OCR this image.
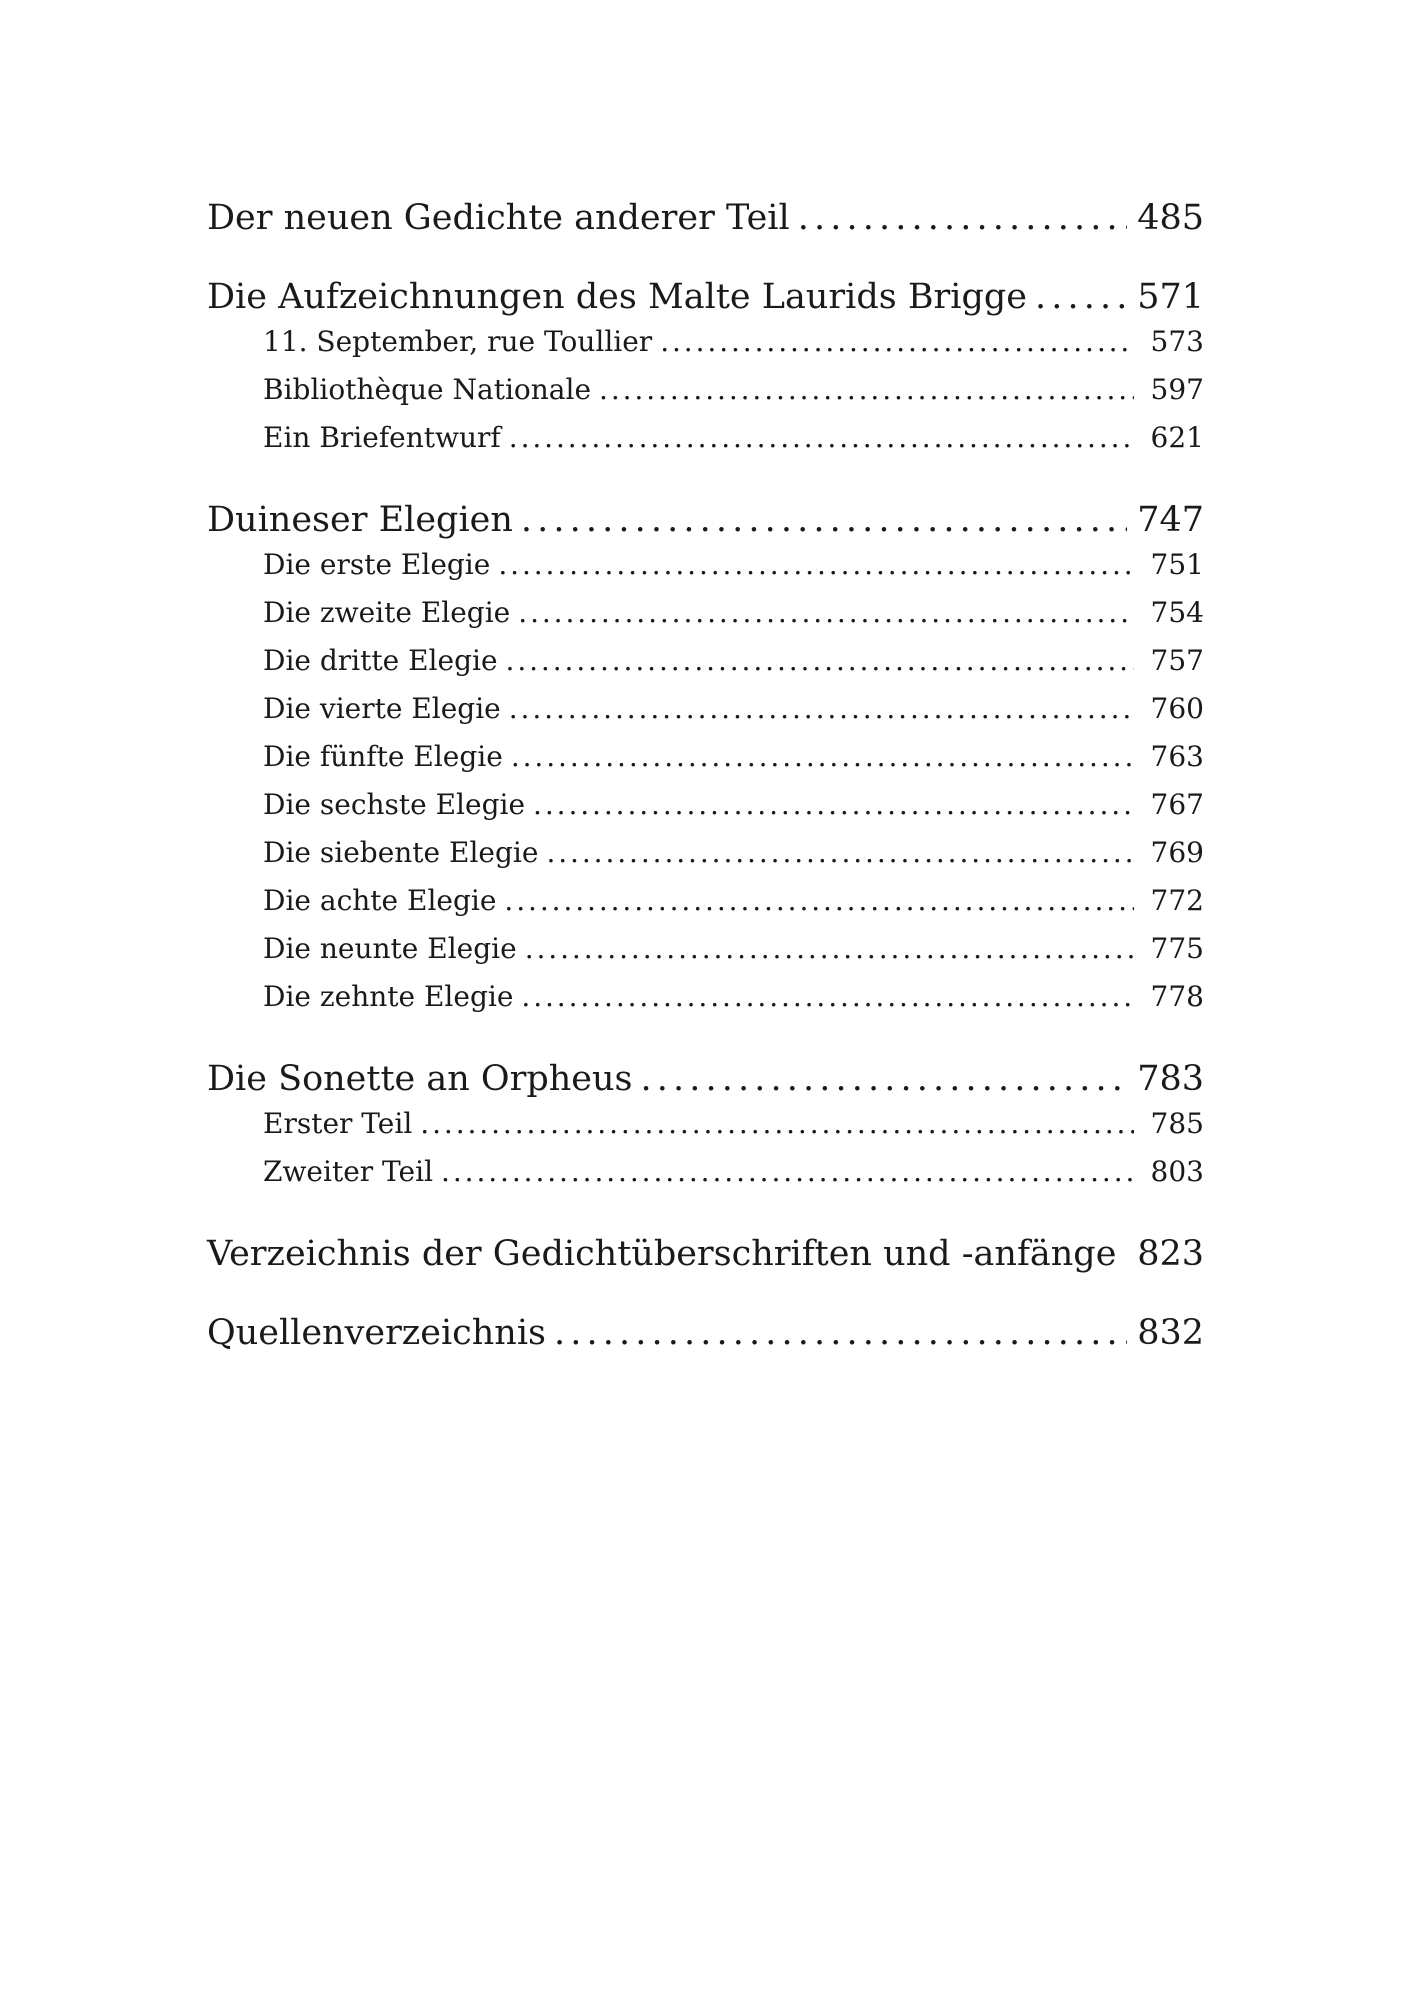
Der neuen Gedichte anderer Teil . . .	485
Die Aufzeichnungen des Malte Laurids Brigge . . .	571
11. September, rue Toullier . . .	573
Bibliothèque Nationale . . .	597
Ein Briefentwurf . . .	621
Duineser Elegien . . .	747
Die erste Elegie . . .	751
Die zweite Elegie . . .	754
Die dritte Elegie . . .	757
Die vierte Elegie . . .	760
Die fünfte Elegie . . .	763
Die sechste Elegie . . .	767
Die siebente Elegie . . .	769
Die achte Elegie . . .	772
Die neunte Elegie . . .	775
Die zehnte Elegie . . .	778
Die Sonette an Orpheus . . .	783
Erster Teil . . .	785
Zweiter Teil . . .	803
Verzeichnis der Gedichtüberschriften und -anfänge . . . 823
Quellenverzeichnis . . .	832
